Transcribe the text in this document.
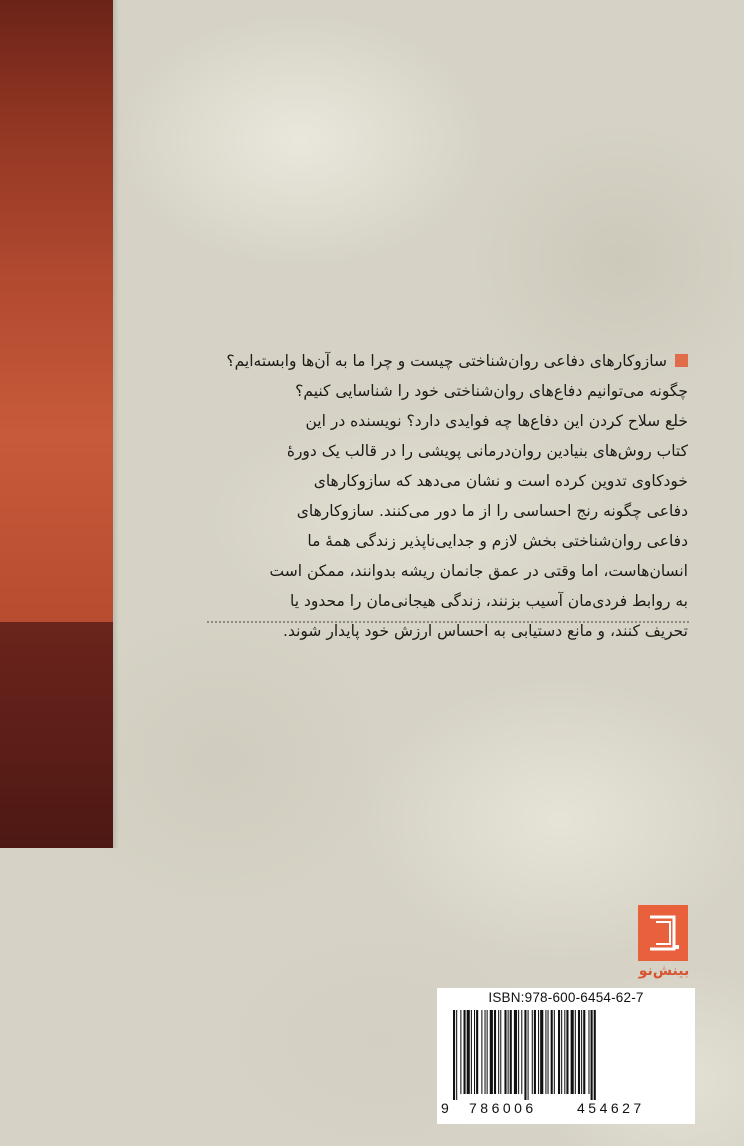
سازوکارهای دفاعی روان‌شناختی چیست و چرا ما به آن‌ها وابسته‌ایم؟
چگونه می‌توانیم دفاع‌های روان‌شناختی خود را شناسایی کنیم؟
خلع سلاح کردن این دفاع‌ها چه فوایدی دارد؟ نویسنده در این
کتاب روش‌های بنیادین روان‌درمانی پویشی را در قالب یک دورهٔ
خودکاوی تدوین کرده است و نشان می‌دهد که سازوکارهای
دفاعی چگونه رنج احساسی را از ما دور می‌کنند. سازوکارهای
دفاعی روان‌شناختی بخش لازم و جدایی‌ناپذیر زندگی همهٔ ما
انسان‌هاست، اما وقتی در عمق جانمان ریشه بدوانند، ممکن است
به روابط فردی‌مان آسیب بزنند، زندگی هیجانی‌مان را محدود یا
تحریف کنند، و مانع دستیابی به احساس ارزش خود پایدار شوند.
بینش‌نو
ISBN:978-600-6454-62-7
9 786006	454627
